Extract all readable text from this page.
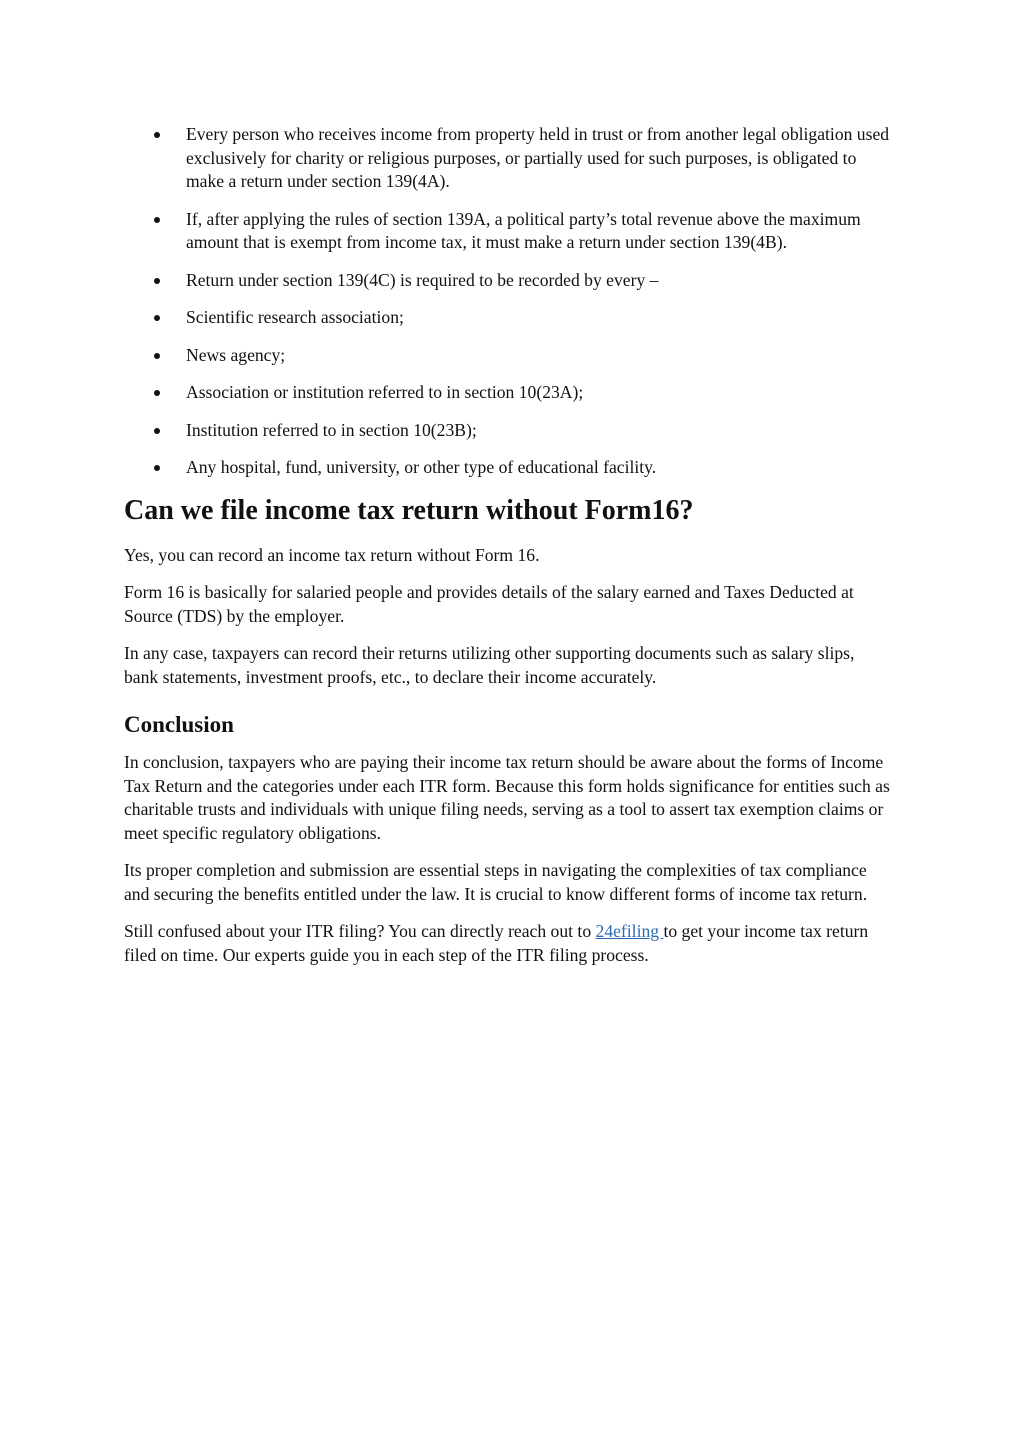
Every person who receives income from property held in trust or from another legal obligation used exclusively for charity or religious purposes, or partially used for such purposes, is obligated to make a return under section 139(4A).
If, after applying the rules of section 139A, a political party’s total revenue above the maximum amount that is exempt from income tax, it must make a return under section 139(4B).
Return under section 139(4C) is required to be recorded by every –
Scientific research association;
News agency;
Association or institution referred to in section 10(23A);
Institution referred to in section 10(23B);
Any hospital, fund, university, or other type of educational facility.
Can we file income tax return without Form16?

Yes, you can record an income tax return without Form 16.

Form 16 is basically for salaried people and provides details of the salary earned and Taxes Deducted at Source (TDS) by the employer.

In any case, taxpayers can record their returns utilizing other supporting documents such as salary slips, bank statements, investment proofs, etc., to declare their income accurately.

Conclusion

In conclusion, taxpayers who are paying their income tax return should be aware about the forms of Income Tax Return and the categories under each ITR form. Because this form holds significance for entities such as charitable trusts and individuals with unique filing needs, serving as a tool to assert tax exemption claims or meet specific regulatory obligations.

Its proper completion and submission are essential steps in navigating the complexities of tax compliance and securing the benefits entitled under the law. It is crucial to know different forms of income tax return.

Still confused about your ITR filing? You can directly reach out to 24efiling to get your income tax return filed on time. Our experts guide you in each step of the ITR filing process.
